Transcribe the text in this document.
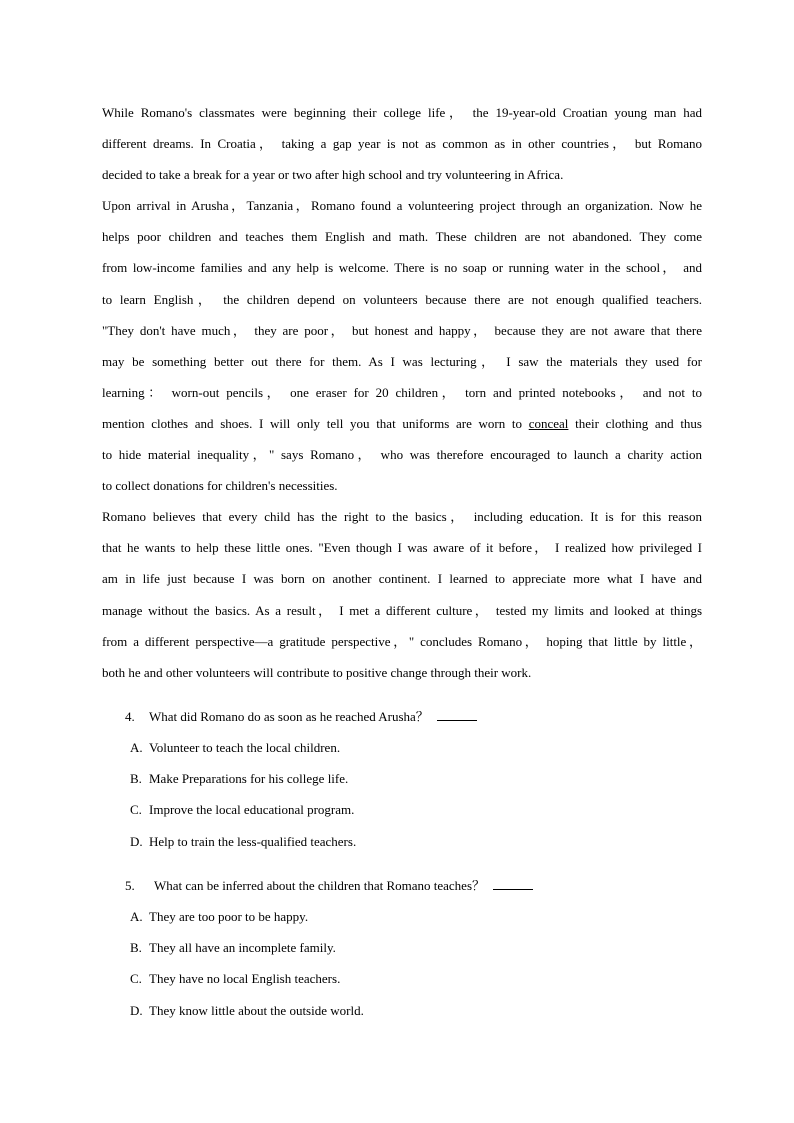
While Romano's classmates were beginning their college life， the 19-year-old Croatian young man had
different dreams. In Croatia， taking a gap year is not as common as in other countries， but Romano
decided to take a break for a year or two after high school and try volunteering in Africa.
Upon arrival in Arusha，Tanzania，Romano found a volunteering project through an organization. Now he
helps poor children and teaches them English and math. These children are not abandoned. They come
from low-income families and any help is welcome. There is no soap or running water in the school， and
to learn English， the children depend on volunteers because there are not enough qualified teachers.
"They don't have much， they are poor， but honest and happy， because they are not aware that there
may be something better out there for them. As I was lecturing， I saw the materials they used for
learning： worn-out pencils， one eraser for 20 children， torn and printed notebooks， and not to
mention clothes and shoes. I will only tell you that uniforms are worn to conceal their clothing and thus
to hide material inequality，" says Romano， who was therefore encouraged to launch a charity action
to collect donations for children's necessities.
Romano believes that every child has the right to the basics， including education. It is for this reason
that he wants to help these little ones. "Even though I was aware of it before， I realized how privileged I
am in life just because I was born on another continent. I learned to appreciate more what I have and
manage without the basics. As a result， I met a different culture， tested my limits and looked at things
from a different perspective—a gratitude perspective，" concludes Romano， hoping that little by little，
both he and other volunteers will contribute to positive change through their work.
4. What did Romano do as soon as he reached Arusha？
A. Volunteer to teach the local children.
B. Make Preparations for his college life.
C. Improve the local educational program.
D. Help to train the less-qualified teachers.
5. What can be inferred about the children that Romano teaches？
A. They are too poor to be happy.
B. They all have an incomplete family.
C. They have no local English teachers.
D. They know little about the outside world.
